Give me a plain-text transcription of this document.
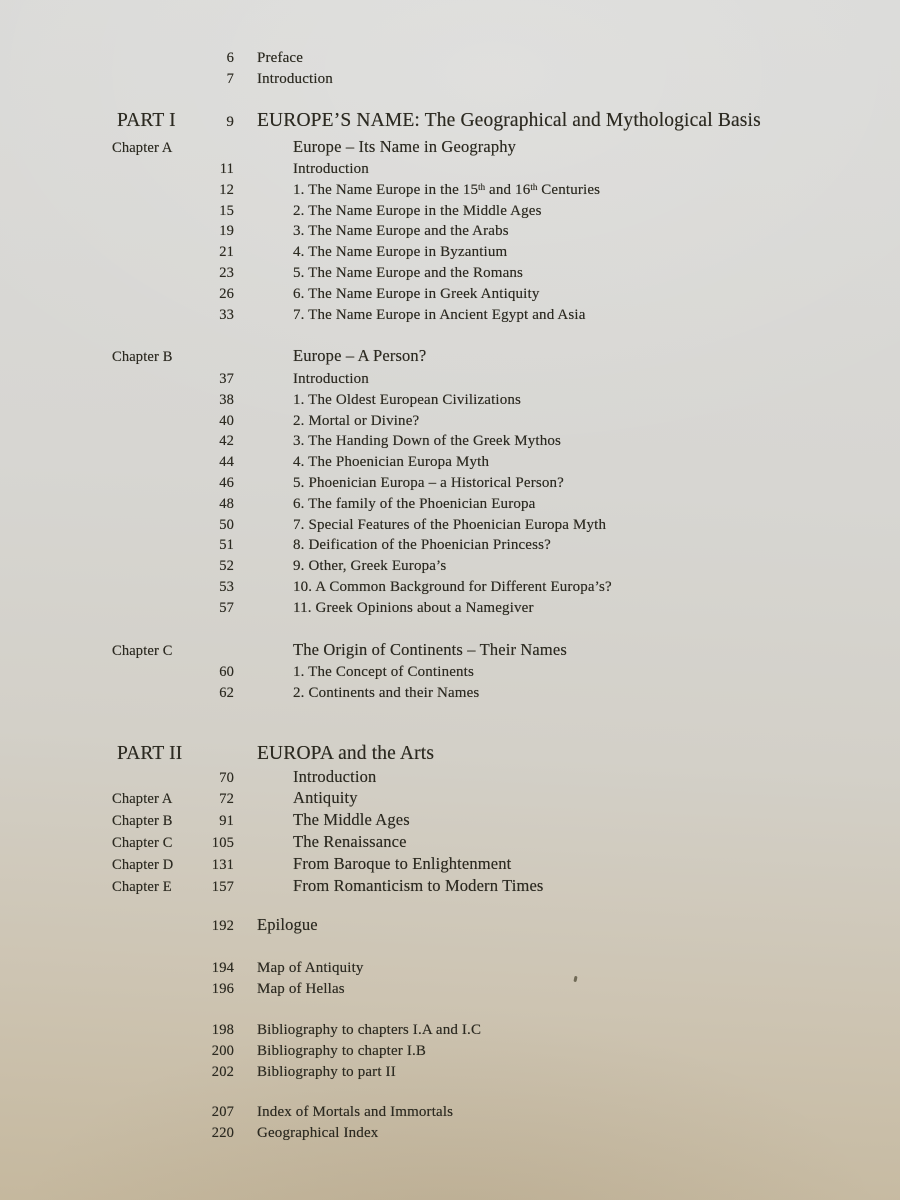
6 Preface
7 Introduction
PART I	9 EUROPE’S NAME: The Geographical and Mythological Basis
Chapter A	Europe – Its Name in Geography
11	Introduction
12	1. The Name Europe in the 15th and 16th Centuries
15	2. The Name Europe in the Middle Ages
19	3. The Name Europe and the Arabs
21	4. The Name Europe in Byzantium
23	5. The Name Europe and the Romans
26	6. The Name Europe in Greek Antiquity
33	7. The Name Europe in Ancient Egypt and Asia
Chapter B	Europe – A Person?
37	Introduction
38	1. The Oldest European Civilizations
40	2. Mortal or Divine?
42	3. The Handing Down of the Greek Mythos
44	4. The Phoenician Europa Myth
46	5. Phoenician Europa – a Historical Person?
48	6. The family of the Phoenician Europa
50	7. Special Features of the Phoenician Europa Myth
51	8. Deification of the Phoenician Princess?
52	9. Other, Greek Europa’s
53	10. A Common Background for Different Europa’s?
57	11. Greek Opinions about a Namegiver
Chapter C	The Origin of Continents – Their Names
60	1. The Concept of Continents
62	2. Continents and their Names
PART II	EUROPA and the Arts
70	Introduction
Chapter A	72	Antiquity
Chapter B	91	The Middle Ages
Chapter C	105	The Renaissance
Chapter D	131	From Baroque to Enlightenment
Chapter E	157	From Romanticism to Modern Times
192 Epilogue
194 Map of Antiquity
196 Map of Hellas
198 Bibliography to chapters I.A and I.C
200 Bibliography to chapter I.B
202 Bibliography to part II
207 Index of Mortals and Immortals
220 Geographical Index
